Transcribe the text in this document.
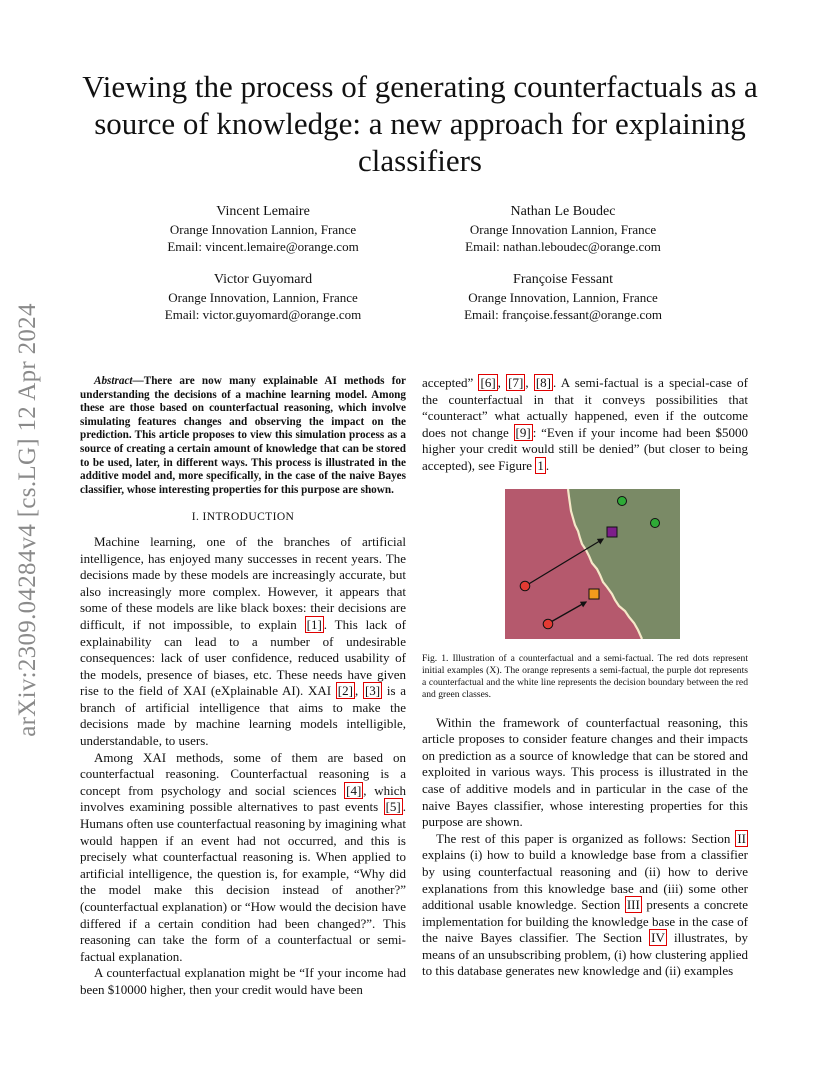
arXiv:2309.04284v4 [cs.LG] 12 Apr 2024
Viewing the process of generating counterfactuals as a source of knowledge: a new approach for explaining classifiers
Vincent Lemaire
Orange Innovation Lannion, France
Email: vincent.lemaire@orange.com
Nathan Le Boudec
Orange Innovation Lannion, France
Email: nathan.leboudec@orange.com
Victor Guyomard
Orange Innovation, Lannion, France
Email: victor.guyomard@orange.com
Françoise Fessant
Orange Innovation, Lannion, France
Email: françoise.fessant@orange.com

Abstract—There are now many explainable AI methods for understanding the decisions of a machine learning model. Among these are those based on counterfactual reasoning, which involve simulating features changes and observing the impact on the prediction. This article proposes to view this simulation process as a source of creating a certain amount of knowledge that can be stored to be used, later, in different ways. This process is illustrated in the additive model and, more specifically, in the case of the naive Bayes classifier, whose interesting properties for this purpose are shown.

I. INTRODUCTION

Machine learning, one of the branches of artificial intelligence, has enjoyed many successes in recent years. The decisions made by these models are increasingly accurate, but also increasingly more complex. However, it appears that some of these models are like black boxes: their decisions are difficult, if not impossible, to explain [1] . This lack of explainability can lead to a number of undesirable consequences: lack of user confidence, reduced usability of the models, presence of biases, etc. These needs have given rise to the field of XAI (eXplainable AI). XAI [2] , [3] is a branch of artificial intelligence that aims to make the decisions made by machine learning models intelligible, understandable, to users.

Among XAI methods, some of them are based on counterfactual reasoning. Counterfactual reasoning is a concept from psychology and social sciences [4] , which involves examining possible alternatives to past events [5] . Humans often use counterfactual reasoning by imagining what would happen if an event had not occurred, and this is precisely what counterfactual reasoning is. When applied to artificial intelligence, the question is, for example, “Why did the model make this decision instead of another?” (counterfactual explanation) or “How would the decision have differed if a certain condition had been changed?”. This reasoning can take the form of a counterfactual or semi-factual explanation.

A counterfactual explanation might be “If your income had been $10000 higher, then your credit would have been

accepted” [6] , [7] , [8] . A semi-factual is a special-case of the counterfactual in that it conveys possibilities that “counteract” what actually happened, even if the outcome does not change [9] : “Even if your income had been $5000 higher your credit would still be denied” (but closer to being accepted), see Figure 1 .

Fig. 1. Illustration of a counterfactual and a semi-factual. The red dots represent initial examples (X). The orange represents a semi-factual, the purple dot represents a counterfactual and the white line represents the decision boundary between the red and green classes.

Within the framework of counterfactual reasoning, this article proposes to consider feature changes and their impacts on prediction as a source of knowledge that can be stored and exploited in various ways. This process is illustrated in the case of additive models and in particular in the case of the naive Bayes classifier, whose interesting properties for this purpose are shown.

The rest of this paper is organized as follows: Section II explains (i) how to build a knowledge base from a classifier by using counterfactual reasoning and (ii) how to derive explanations from this knowledge base and (iii) some other additional usable knowledge. Section III presents a concrete implementation for building the knowledge base in the case of the naive Bayes classifier. The Section IV illustrates, by means of an unsubscribing problem, (i) how clustering applied to this database generates new knowledge and (ii) examples
